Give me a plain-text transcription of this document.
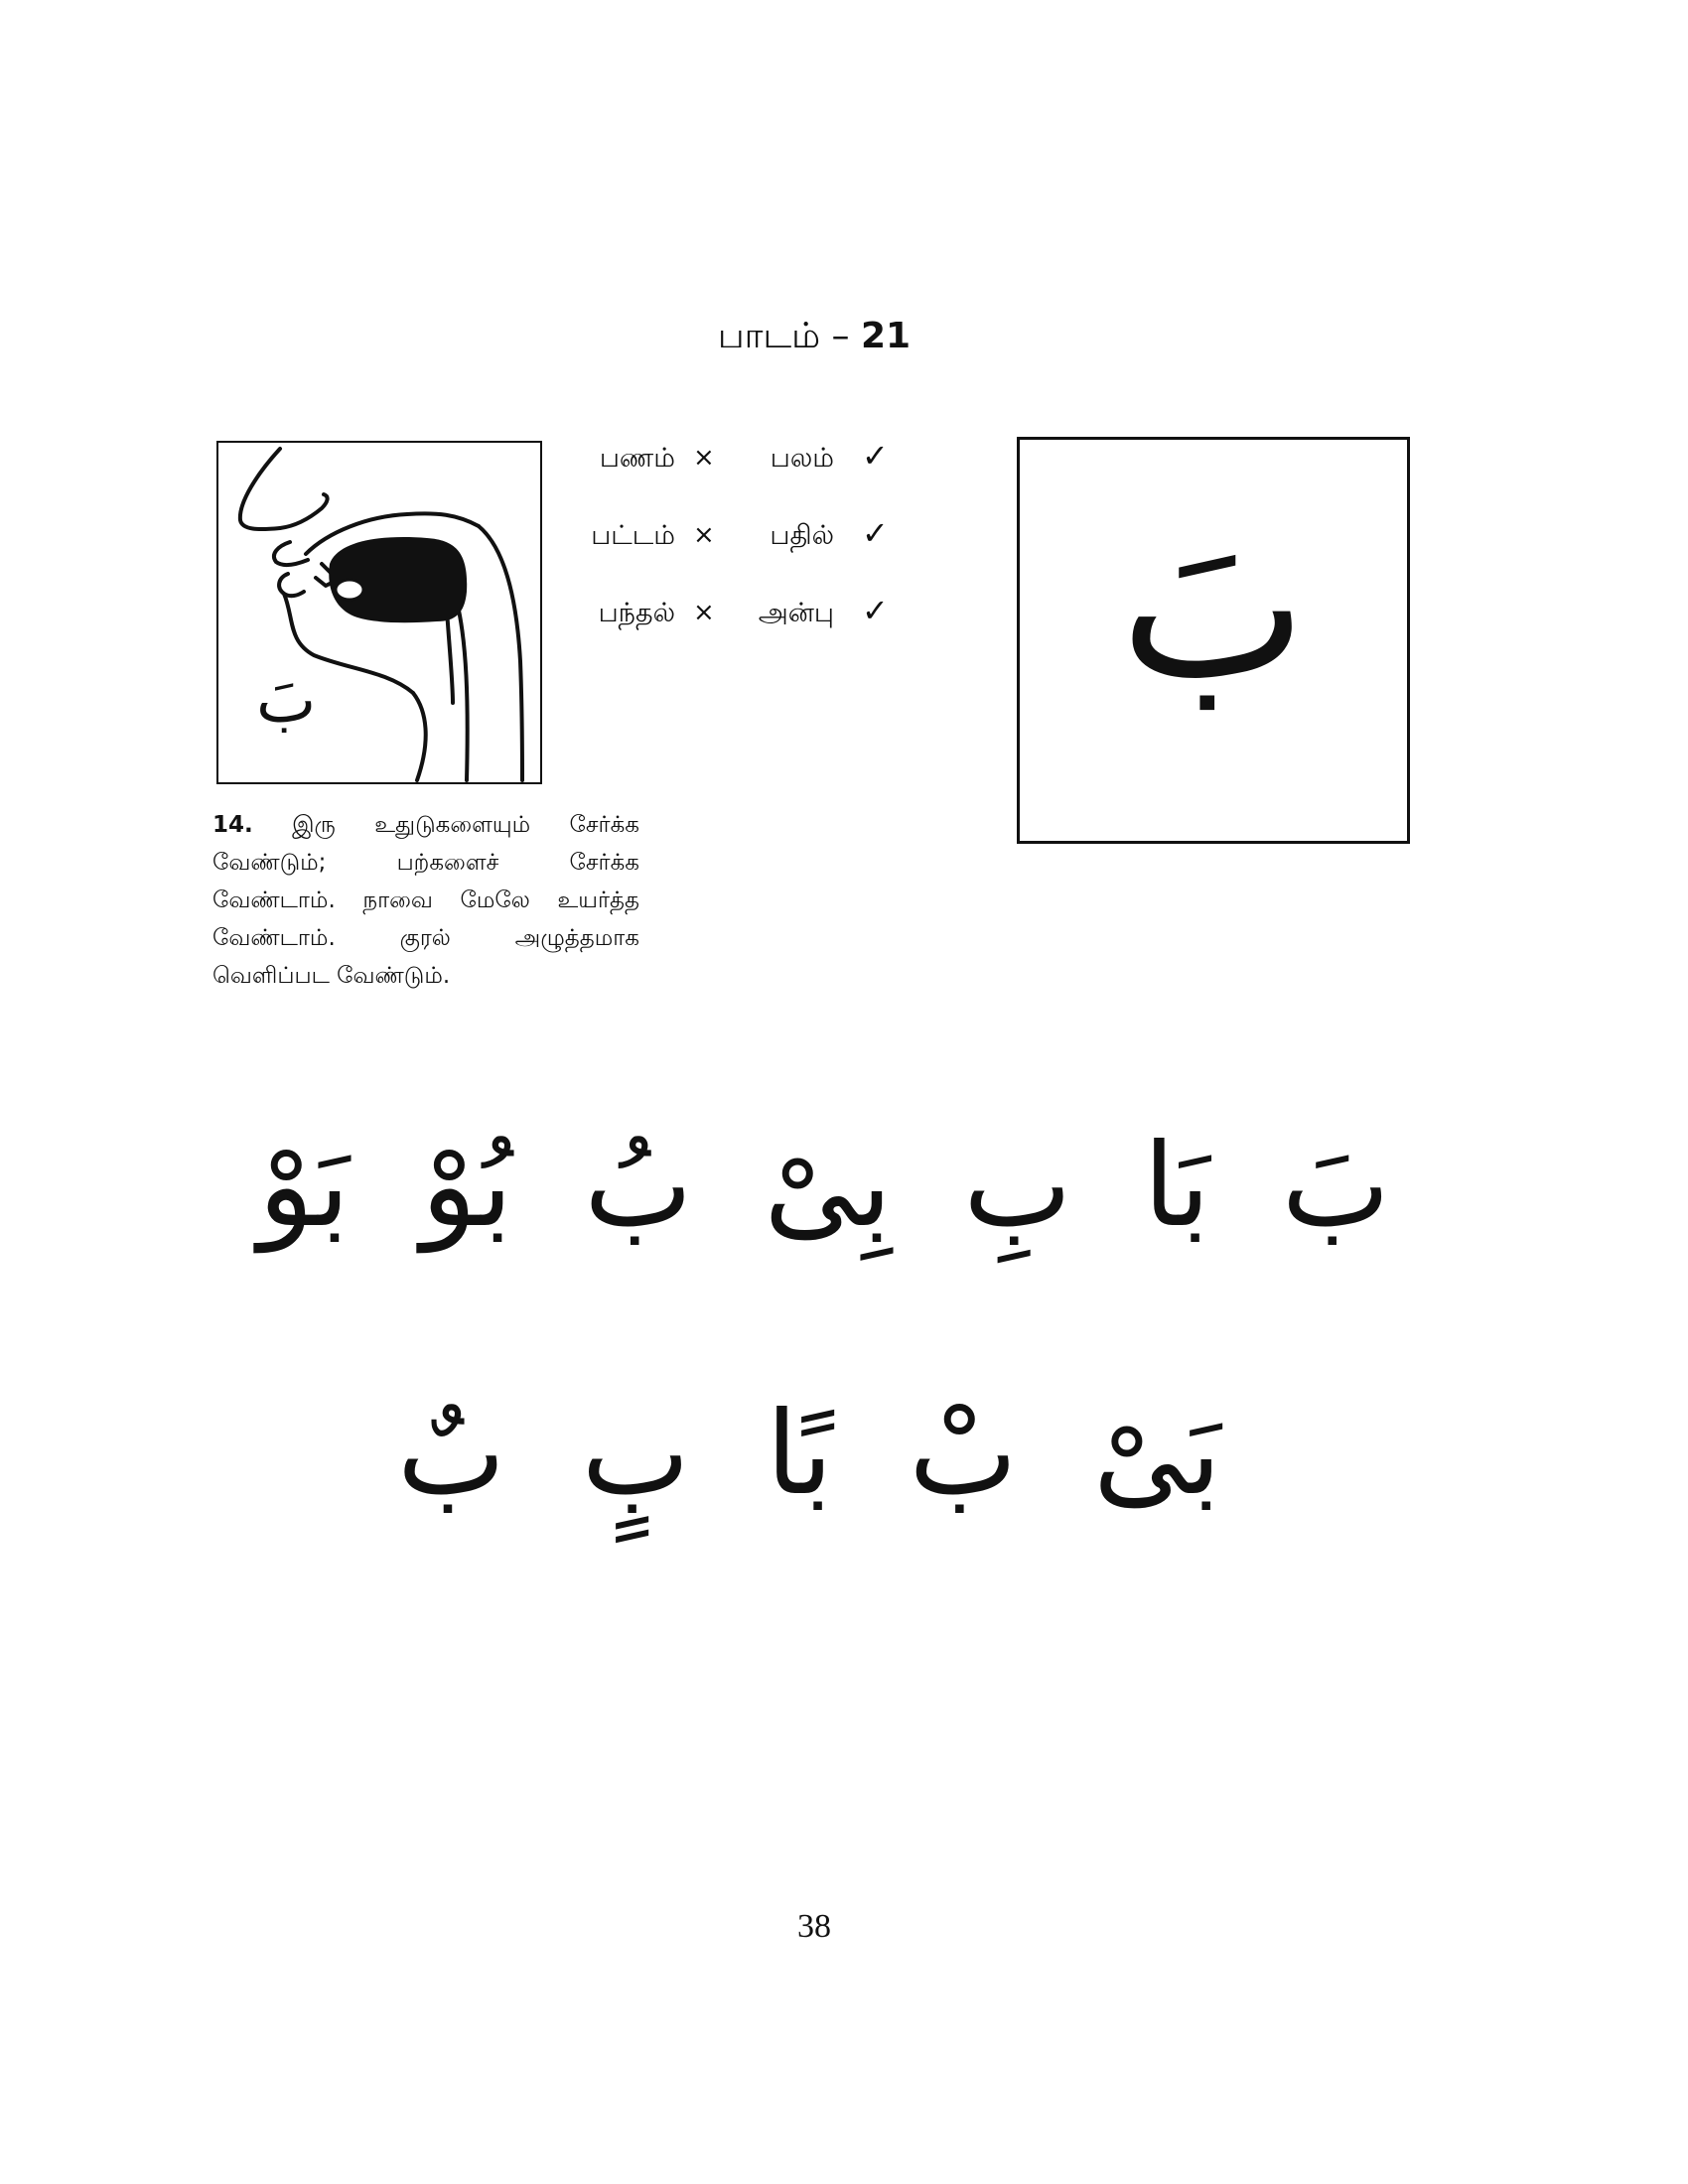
பாடம் – 21
بَ
பணம் × பலம் ✓
பட்டம் × பதில் ✓
பந்தல் × அன்பு ✓
14. இரு உதுடுகளையும் சேர்க்க வேண்டும்; பற்களைச் சேர்க்க வேண்டாம். நாவை மேலே உயர்த்த வேண்டாம். குரல் அழுத்தமாக வெளிப்பட வேண்டும்.
بَ
بَ
بَا
بِ
بِىْ
بُ
بُوْ
بَوْ
بَىْ
بْ
بًا
بٍ
بٌ
38
